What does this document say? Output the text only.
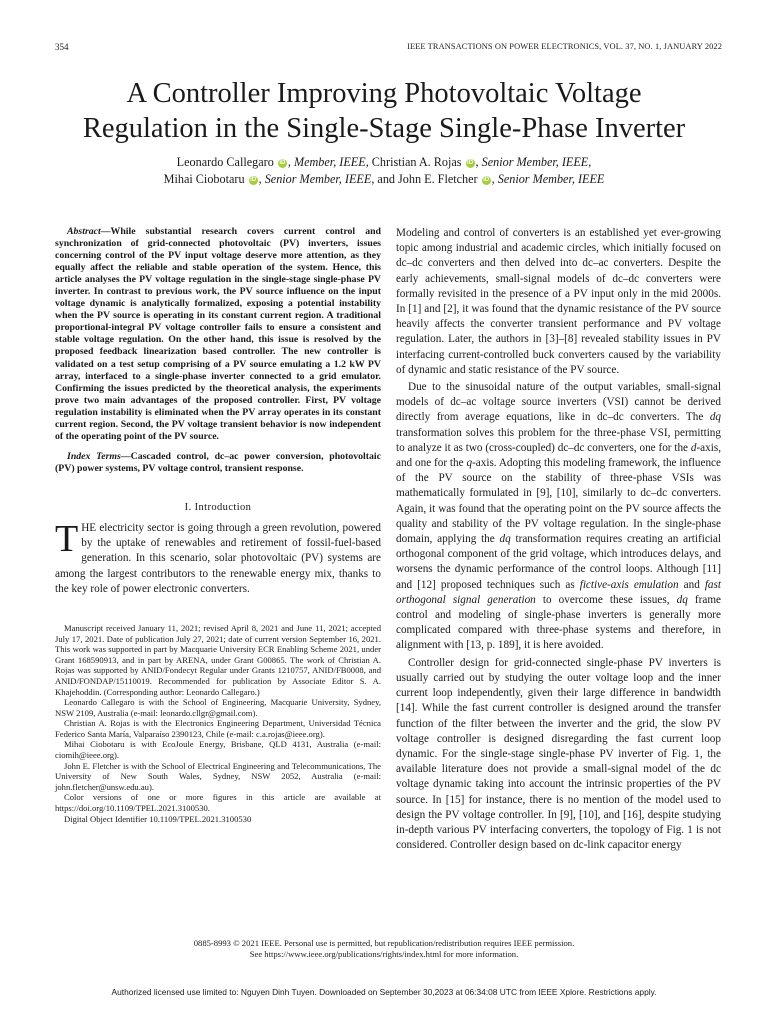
354	IEEE TRANSACTIONS ON POWER ELECTRONICS, VOL. 37, NO. 1, JANUARY 2022
A Controller Improving Photovoltaic Voltage
Regulation in the Single-Stage Single-Phase Inverter
Leonardo Callegaro iD , Member, IEEE, Christian A. Rojas iD , Senior Member, IEEE,
Mihai Ciobotaru iD , Senior Member, IEEE, and John E. Fletcher iD , Senior Member, IEEE

Abstract—While substantial research covers current control and synchronization of grid-connected photovoltaic (PV) inverters, issues concerning control of the PV input voltage deserve more attention, as they equally affect the reliable and stable operation of the system. Hence, this article analyses the PV voltage regulation in the single-stage single-phase PV inverter. In contrast to previous work, the PV source influence on the input voltage dynamic is analytically formalized, exposing a potential instability when the PV source is operating in its constant current region. A traditional proportional-integral PV voltage controller fails to ensure a consistent and stable voltage regulation. On the other hand, this issue is resolved by the proposed feedback linearization based controller. The new controller is validated on a test setup comprising of a PV source emulating a 1.2 kW PV array, interfaced to a single-phase inverter connected to a grid emulator. Confirming the issues predicted by the theoretical analysis, the experiments prove two main advantages of the proposed controller. First, PV voltage regulation instability is eliminated when the PV array operates in its constant current region. Second, the PV voltage transient behavior is now independent of the operating point of the PV source.

Index Terms—Cascaded control, dc–ac power conversion, photovoltaic (PV) power systems, PV voltage control, transient response.

I. Introduction

THE electricity sector is going through a green revolution, powered by the uptake of renewables and retirement of fossil-fuel-based generation. In this scenario, solar photovoltaic (PV) systems are among the largest contributors to the renewable energy mix, thanks to the key role of power electronic converters.

Manuscript received January 11, 2021; revised April 8, 2021 and June 11, 2021; accepted July 17, 2021. Date of publication July 27, 2021; date of current version September 16, 2021. This work was supported in part by Macquarie University ECR Enabling Scheme 2021, under Grant 168590913, and in part by ARENA, under Grant G00865. The work of Christian A. Rojas was supported by ANID/Fondecyt Regular under Grants 1210757, ANID/FB0008, and ANID/FONDAP/15110019. Recommended for publication by Associate Editor S. A. Khajehoddin. (Corresponding author: Leonardo Callegaro.)

Leonardo Callegaro is with the School of Engineering, Macquarie University, Sydney, NSW 2109, Australia (e-mail: leonardo.cllgr@gmail.com).

Christian A. Rojas is with the Electronics Engineering Department, Universidad Técnica Federico Santa María, Valparaíso 2390123, Chile (e-mail: c.a.rojas@ieee.org).

Mihai Ciobotaru is with EcoJoule Energy, Brisbane, QLD 4131, Australia (e-mail: ciomih@ieee.org).

John E. Fletcher is with the School of Electrical Engineering and Telecommunications, The University of New South Wales, Sydney, NSW 2052, Australia (e-mail: john.fletcher@unsw.edu.au).

Color versions of one or more figures in this article are available at https://doi.org/10.1109/TPEL.2021.3100530.

Digital Object Identifier 10.1109/TPEL.2021.3100530

Modeling and control of converters is an established yet ever-growing topic among industrial and academic circles, which initially focused on dc–dc converters and then delved into dc–ac converters. Despite the early achievements, small-signal models of dc–dc converters were formally revisited in the presence of a PV input only in the mid 2000s. In [1] and [2], it was found that the dynamic resistance of the PV source heavily affects the converter transient performance and PV voltage regulation. Later, the authors in [3]–[8] revealed stability issues in PV interfacing current-controlled buck converters caused by the variability of dynamic and static resistance of the PV source.

Due to the sinusoidal nature of the output variables, small-signal models of dc–ac voltage source inverters (VSI) cannot be derived directly from average equations, like in dc–dc converters. The dq transformation solves this problem for the three-phase VSI, permitting to analyze it as two (cross-coupled) dc–dc converters, one for the d-axis, and one for the q-axis. Adopting this modeling framework, the influence of the PV source on the stability of three-phase VSIs was mathematically formulated in [9], [10], similarly to dc–dc converters. Again, it was found that the operating point on the PV source affects the quality and stability of the PV voltage regulation. In the single-phase domain, applying the dq transformation requires creating an artificial orthogonal component of the grid voltage, which introduces delays, and worsens the dynamic performance of the control loops. Although [11] and [12] proposed techniques such as fictive-axis emulation and fast orthogonal signal generation to overcome these issues, dq frame control and modeling of single-phase inverters is generally more complicated compared with three-phase systems and therefore, in alignment with [13, p. 189], it is here avoided.

Controller design for grid-connected single-phase PV inverters is usually carried out by studying the outer voltage loop and the inner current loop independently, given their large difference in bandwidth [14]. While the fast current controller is designed around the transfer function of the filter between the inverter and the grid, the slow PV voltage controller is designed disregarding the fast current loop dynamic. For the single-stage single-phase PV inverter of Fig. 1, the available literature does not provide a small-signal model of the dc voltage dynamic taking into account the intrinsic properties of the PV source. In [15] for instance, there is no mention of the model used to design the PV voltage controller. In [9], [10], and [16], despite studying in-depth various PV interfacing converters, the topology of Fig. 1 is not considered. Controller design based on dc-link capacitor energy

0885-8993 © 2021 IEEE. Personal use is permitted, but republication/redistribution requires IEEE permission.
See https://www.ieee.org/publications/rights/index.html for more information.
Authorized licensed use limited to: Nguyen Dinh Tuyen. Downloaded on September 30,2023 at 06:34:08 UTC from IEEE Xplore. Restrictions apply.
